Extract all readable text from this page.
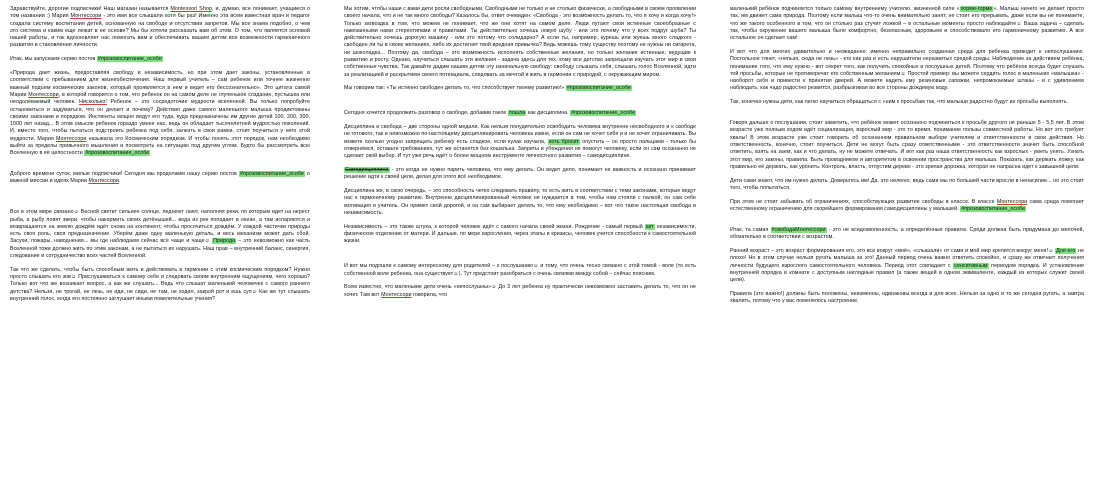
Здравствуйте, дорогие подписчики! Наш магазин называется Montessori Shop, и, думаю, все понимает, учащиеся о том названии :) Мария Монтессори - это имя все слышали хотя бы раз! Именно эта всем известная врач и педагог создала систему воспитания детей, основанную на свободе и отсутствии запретов. Мы все знаем подобно, о чем это система и каким еще лежат в ее основе? Мы бы хотели рассказать вам об этом. О том, что является основой нашей работы, и так вдохновляет нас помогать вам и обеспечивать вашим детям все возможности гармоничного развития и становления личности.

Итак, мы запускаем серию постов #прозовоспитание_особе

«Природа дает жизнь, предоставляя свободу и независимость, но при этом дает законы, установленные в соответствии с пребыванием для жизнеобеспечения. Наш первый учитель – сам ребенок или точнее жизненно важный подъем космических законов, который проявляется в нем и ведет его бессознательно». Это цитата самой Марии Монтессори, в которой говорится о том, что ребенок он на самом деле не глупенькое создание, пустышка или неодолеваемый человек. Нисколько! Ребенок – это сосредоточие мудрости вселенной. Вы только попробуйте остановиться и задуматься, что он делает и почему? Действия даже самого маленького малыша продиктованы своими законами и порядком. Инстинкты мощно ведут его туда, куда предназначены им другие детей 100, 200, 300, 1000 лет назад... В этом смысле ребенок гораздо умнее нас, ведь он обладает тысячелетней мудростью поколений. И, вместо того, чтобы пытаться подстроить ребенка под себя, залезть в свои рамки, стоит поучиться у него этой мудрости. Мария Монтессори называла это Космическим порядком. И чтобы понять этот порядок, нам необходимо выйти за пределы привычного мышления и посмотреть на ситуацию под другим углом. Будто бы рассмотреть всю Вселенную в её целостности #прозовоспитание_особе

Доброго времени суток, милые подписчики! Сегодня мы продолжим нашу серию постов #прозовоспитание_особе о важной миссии и идеях Марии Монтессори.

Все в этом мире связано☺ Весной светит сильнее солнце, леднеют лают, наполняя реки, по которым идет на нерест рыба, а рыбу ловят звери, чтобы накормить своих детёнышей... вода из рек попадает в океан, а там испаряются и возвращаются на землю дождём идёт снова на континент, чтобы просочиться дождём. У каждой частички природы есть своя роль, своя предназначение. Уберём даже одну маленькую деталь, и весь механизм может дать сбой. Засухи, пожары, наводнения... мы где наблюдаем сейчас всё чаще и чаще☺ Природа – это невозможно как часть Вселенной тоже должно жить по этим законам, а не пытаться их нарушать. Наш прав – внутренний баланс, синергия, следование и сотрудничество всех частей Вселенной.

Так что же сделать, чтобы быть способным жить и действовать в гармонии с этим космическим порядком? Нужно просто слышать его зов☺ Прислушиваться к самому себе и следовать своим внутренним ощущениям, чего хорошо? Только вот что же возникает вопрос, а как же слушать... Ведь что слышат маленький человечек с самого раннего детства? Нельзя, не трогай, не лезь, не иди, не сиди, не там, не ходил, закрой рот и ешь суп☺ Как же тут слышать внутренний голос, когда его постоянно заглушает иными повелительные учения?

Мы хотим, чтобы наши с вами дети росли свободными. Свободными не только и не столько физически, а свободными в своём проявлении своего начала, что и не так много свободы? Казалось бы, ответ очевиден: «Свобода - это возможность делать то, что я хочу и когда хочу!» Только загвоздка в том, что можем не понимает, что же они хотят на самом деле. Люди путают свои истинные своеобразные с навязанными нами стереотипами и правилами. Ты действительно хочешь новую шубу - или это почему что у всех подруг шуба? Ты действительно хочешь дорогую машину - или это потому что солидарно? А если ты, например, курешь или жуешь много сладкого - свободен ли ты в своих желаниях, либо их достигнет твой вредная привычка? Ведь можешь тому существу поэтому не нужны ни сигарета, ни шоколадка... Поэтому да, свобода – это возможность исполнять собственные желания, но только желания истинные, ведущие к развитию и росту. Однако, научиться слышать эти желания - задача здесь для тех, кому все детство запрещали изучать этот мир и свои собственные чувства. Так давайте дадим нашим детям эту изначальную свободу: свободу слышать себя, слышать голос Вселенной, идти за реализацией и раскрытием своего потенциала, следовать за мечтой и жить в гармонии с природой, с окружающим миром.

Мы говорим так: «Ты истинно свободен делать то, что способствует твоему развитию!» #прозовоспитание_особе

Сегодня хочется продолжить разговор о свободе, добавив такое пошла как дисциплина. #прозовоспитание_особе

Дисциплина и свобода – две стороны одной медали. Как нельзя понудительно освободить человека внутренне несвободного и к свободе не готового, так и невозможно по-настоящему дисциплинировать человека извне, если он сам не хочет себя и и не хочет ограничивать. Вы можете сколько угодно запрещать ребенку есть сладкое, если кулак изучала, хоть бросит опустить – он просто пальцами - только бы отвернёмся, оставьте требованиях, тут же останется без кошелька. Запреты и убеждения не помогут человеку, если он сам осознанно не сделает свой выбор. И тут уже речь идёт о более мощном инструменте личностного развития – самодисциплине.

Самодисциплина - это когда не нужно парить человека, что ему делать. Он ведет дело, понимает не важность и осознано принимает решение идти к своей цели, делая для этого всё необходимое.

Дисциплина же, в свою очередь, – это способность четко следовать правилу, то есть жить в соответствии с теми законами, которые ведут нас к гармоничному развитию. Внутренне дисциплинированный человек не нуждается в том, чтобы нам стояли с палкой, он сам себе мотивация и учитель. Он примет свой дорогой, и он сам выбирает делать то, что ему необходимо – вот что такое настоящая свобода и независимость.

Независимость – это также штука, к которой человек идёт с самого начала своей жизни. Рождение - самый первый акт независимости, физическое отделение от матери. И дальше, по мере взросления, через этапы и кризисы, человек учится способности к самостоятельной жизни.

И вот мы подошли к самому интересному для родителей – к послушанию☺ и тому, что очень тесно связано с этой темой - воле (то есть собственной воле ребенка, она существует☺). Тут предстоит разобраться с очень связями между собой – сейчас поясним.

Всем известно, что маленькие дети очень «непослушны»☺ До 3 лет ребенка ну практически невозможно заставить делать то, что он не хочет. Там вот Монтессори говорила, что

маленький ребёнок подчиняется только самому внутреннему учителю, жизненной силе «хорме-горме». Малыш ничего не делает просто так, им движет сама природа. Поэтому если малыш что-то очень внимательно занят, не стоит его прерывать, даже если вы не понимаете, что же такого особенного в том, что он столько раз стучит ложкой – в остальные моменты просто наблюдайте☺ Ваша задача – сделать так, чтобы окружение вашего малыша было комфортно, безопасным, здоровьем и способствовало его гармоничному развитию. А все остальное он сделает сам!

И вот что для многих удивительно и неожиданно: именно неправильно созданная среда для ребенка приводит к непослушанию. Постольное тянет, «нельзя, сюда не лезь» - кто как раз и есть нарушители неразвитых средой среды. Наблюдение за действием ребёнка, понимание того, что ему нужно - вот секрет того, как получить спокойных и послушных детей. Поэтому что ребёнок всегда будет слушать той просьбы, которые не противоречат его собственным желаниям☺ Простой пример: вы можете сердить голос в маленьких «малышка» - наоборот себя и привести к принятия дверей. А можете надеть ему резиновые сапожки, непромокаемые штаны - и с удивлением наблюдать, как чадо радостно резвится, разбрызгивая во все стороны дождевую воду.

Так, конечно нужны дети, как легко научиться обращаться с «ним к просьбам так, что малыши радостно будут их просьбы выполнять.

Говоря дальше о послушании, стоит заметить, что ребёнок может осознанно подчиниться к просьбе другого не раньше 5 - 5,5 лет. В этом возрасте уже полным ходом идёт социализация, взрослый мир - это то время, понимание пользы совместной работы. Но вот это требует хвалы! В этом возрасте уже стоит говорить об осознанном правильном выборе учителем и ответственности в свои действия. Но ответственность, конечно, стоит поучиться. Дети не могут быть сразу ответственными - это ответственности значит быть способной ответить, взять на заем, как и что делать, ну не можете отвечать. И вот как раз наша ответственность как взрослых - уметь унять. Узнать этот мир, его законы, правила. Быть проводником и авторитетом в освоении пространства для малыша. Показать, как держать ложку, как правильно её держать, как уронить. Контроль, власть, отпустим дерево - это зрелая дорожка, которая не напрасна идет к завышной цели.

Дети сами знают, что им нужно делать. Доверьтесь им! Да, это нелегко, ведь сами мы по большей части вросли в ненасилие... но это стоит того, чтобы попытаться.

При этом не стоит забывать об ограничениях, способствующих развитие свободы в классе. В классе Монтессори сама среда помогает естественному ограничению для скорейшего формирования самодисциплины у малышей. #прозовоспитание_особе

Итак, та самая #свободаМонтессори - это не вседозволенность, а определённые правила. Среди должна быть придумана до мелочей, обязательно в соответствии с возрастом.

Ранний возраст – это возраст формирования его, это все вокруг «моё», «слышали» от сами и мой мир крепится вокруг меня!☺ Для его не плохо! Но в этом случае нельзя ругать малыша за эго! Данный период очень важно ответить спокойно, и сразу же отвечает получения личности будущего взрослого самостоятельного человека. Период этот совпадает с сенситивным периодом порядка. И установление внутренней порядка в комнате с доступным наглядные правил (а также вещей в одном эквиваленте, каждый из которых служит своей цели).

Правила (это важно!) должны быть положены, неизменны, одинаковы всегда и для всех. Нельзя за одно и то же сегодня ругать, а завтра хвалить, потому что у вас поменялось настроение.
